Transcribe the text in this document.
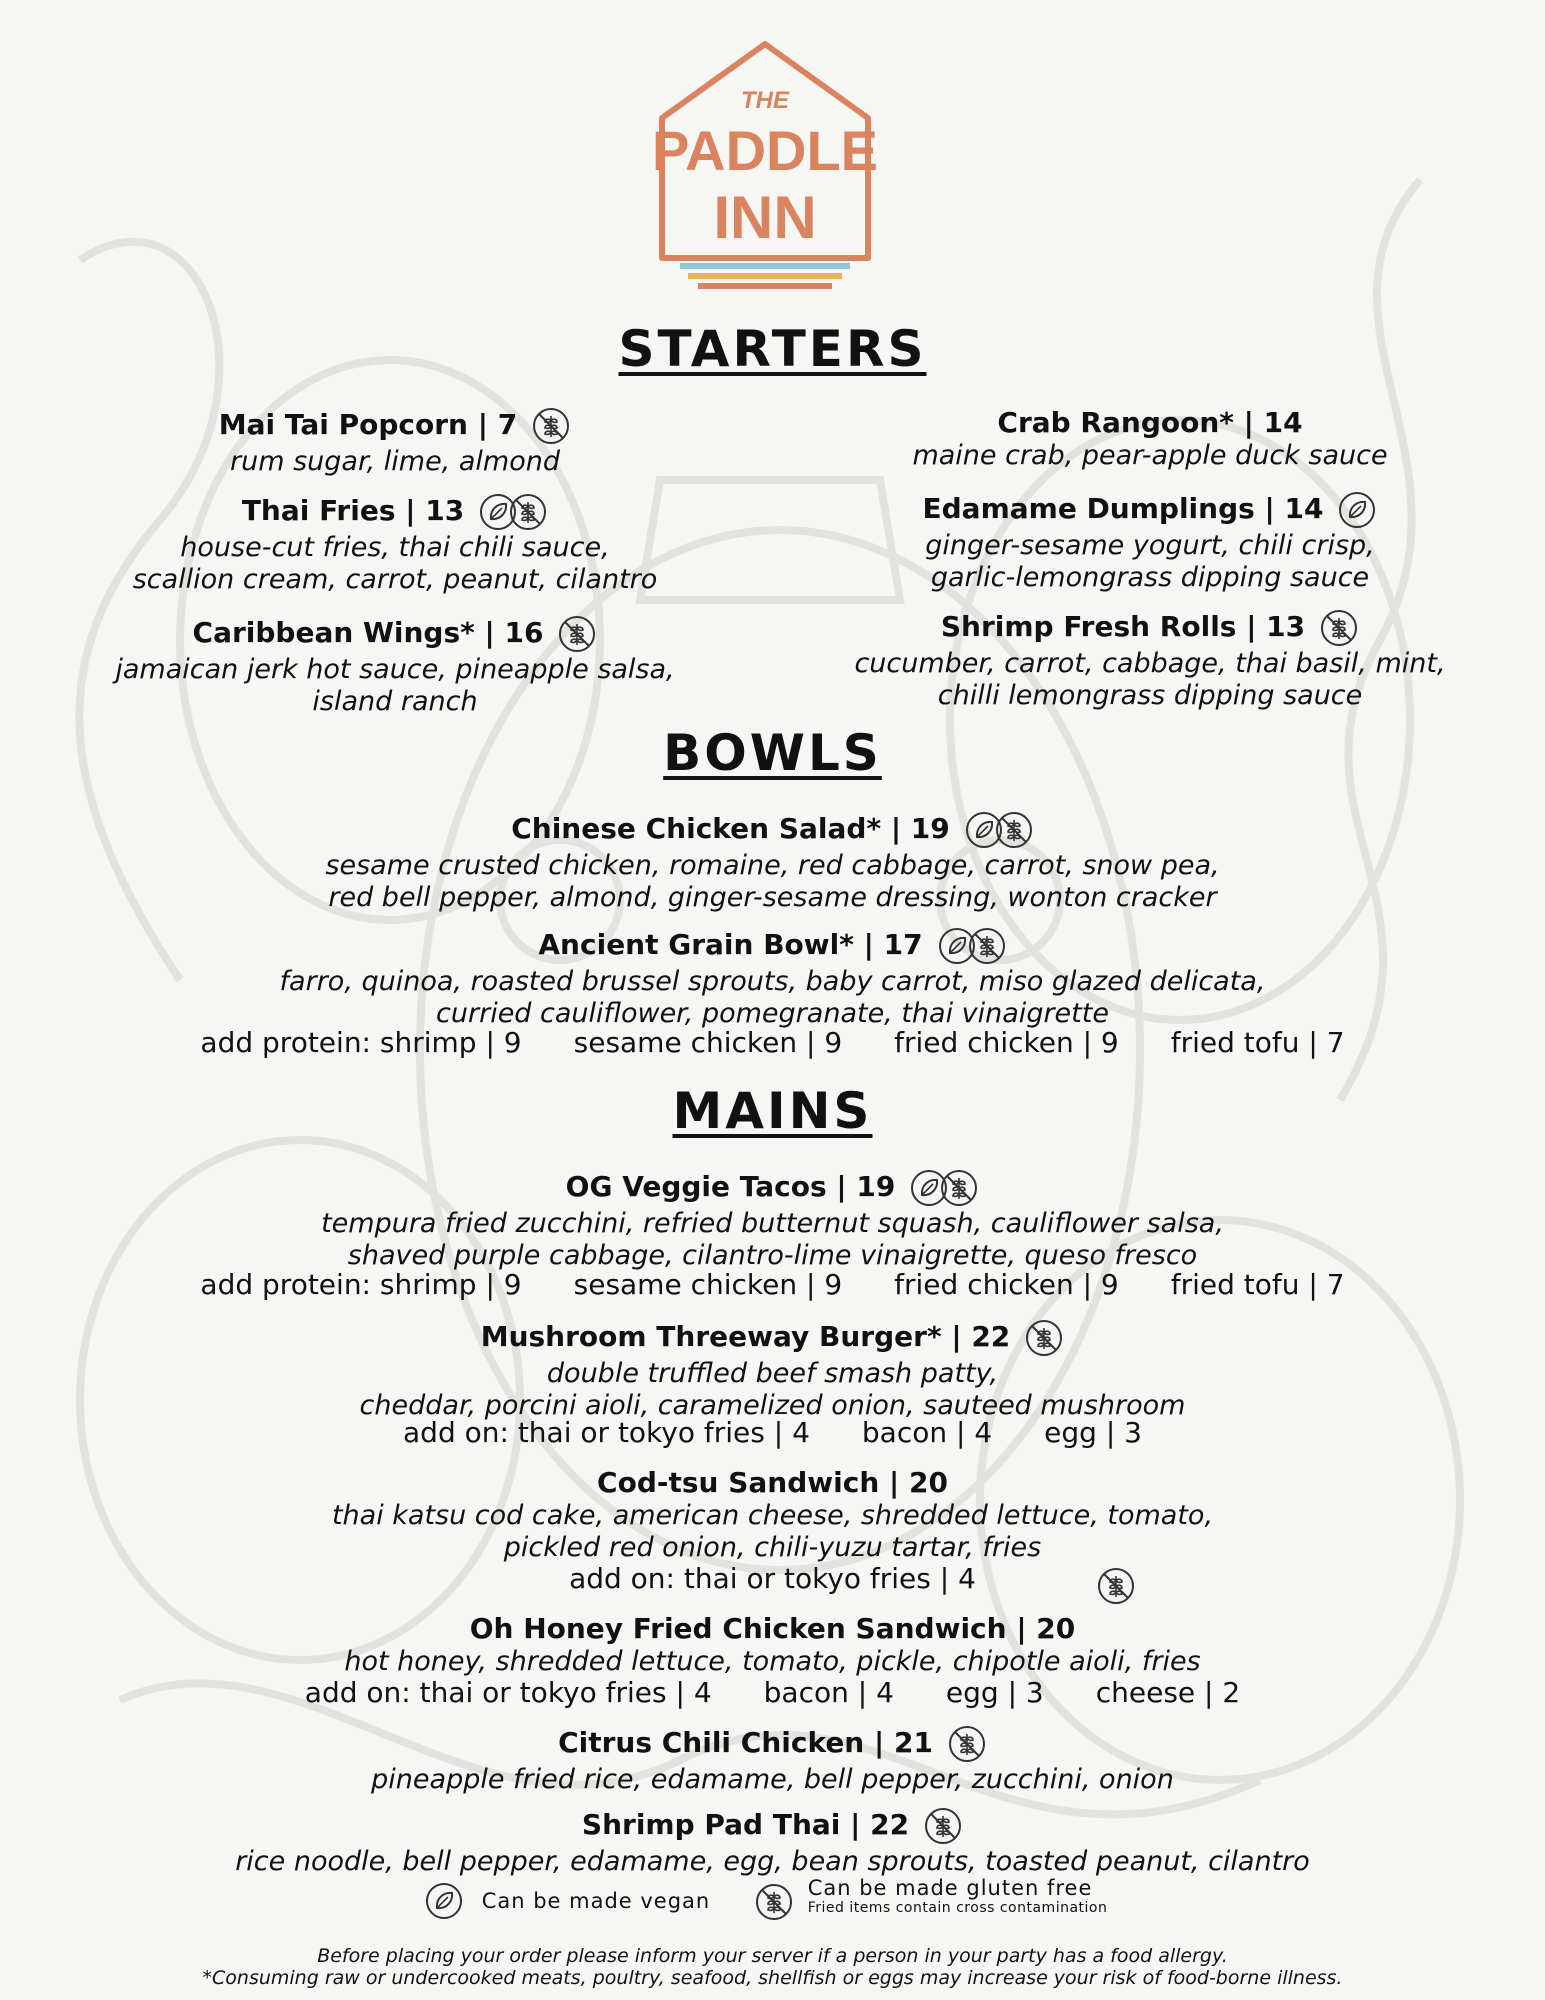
THE
PADDLE
INN
STARTERS
Mai Tai Popcorn | 7
rum sugar, lime, almond
Thai Fries | 13
house-cut fries, thai chili sauce,
scallion cream, carrot, peanut, cilantro
Caribbean Wings* | 16
jamaican jerk hot sauce, pineapple salsa,
island ranch
Crab Rangoon* | 14
maine crab, pear-apple duck sauce
Edamame Dumplings | 14
ginger-sesame yogurt, chili crisp,
garlic-lemongrass dipping sauce
Shrimp Fresh Rolls | 13
cucumber, carrot, cabbage, thai basil, mint,
chilli lemongrass dipping sauce
BOWLS
Chinese Chicken Salad* | 19
sesame crusted chicken, romaine, red cabbage, carrot, snow pea,
red bell pepper, almond, ginger-sesame dressing, wonton cracker
Ancient Grain Bowl* | 17
farro, quinoa, roasted brussel sprouts, baby carrot, miso glazed delicata,
curried cauliflower, pomegranate, thai vinaigrette
add protein: shrimp | 9 sesame chicken | 9 fried chicken | 9 fried tofu | 7
MAINS
OG Veggie Tacos | 19
tempura fried zucchini, refried butternut squash, cauliflower salsa,
shaved purple cabbage, cilantro-lime vinaigrette, queso fresco
add protein: shrimp | 9 sesame chicken | 9 fried chicken | 9 fried tofu | 7
Mushroom Threeway Burger* | 22
double truffled beef smash patty,
cheddar, porcini aioli, caramelized onion, sauteed mushroom
add on: thai or tokyo fries | 4 bacon | 4 egg | 3
Cod-tsu Sandwich | 20
thai katsu cod cake, american cheese, shredded lettuce, tomato,
pickled red onion, chili-yuzu tartar, fries
add on: thai or tokyo fries | 4
Oh Honey Fried Chicken Sandwich | 20
hot honey, shredded lettuce, tomato, pickle, chipotle aioli, fries
add on: thai or tokyo fries | 4 bacon | 4 egg | 3 cheese | 2
Citrus Chili Chicken | 21
pineapple fried rice, edamame, bell pepper, zucchini, onion
Shrimp Pad Thai | 22
rice noodle, bell pepper, edamame, egg, bean sprouts, toasted peanut, cilantro
Can be made vegan
Can be made gluten free
Fried items contain cross contamination
Before placing your order please inform your server if a person in your party has a food allergy.
*Consuming raw or undercooked meats, poultry, seafood, shellfish or eggs may increase your risk of food-borne illness.
